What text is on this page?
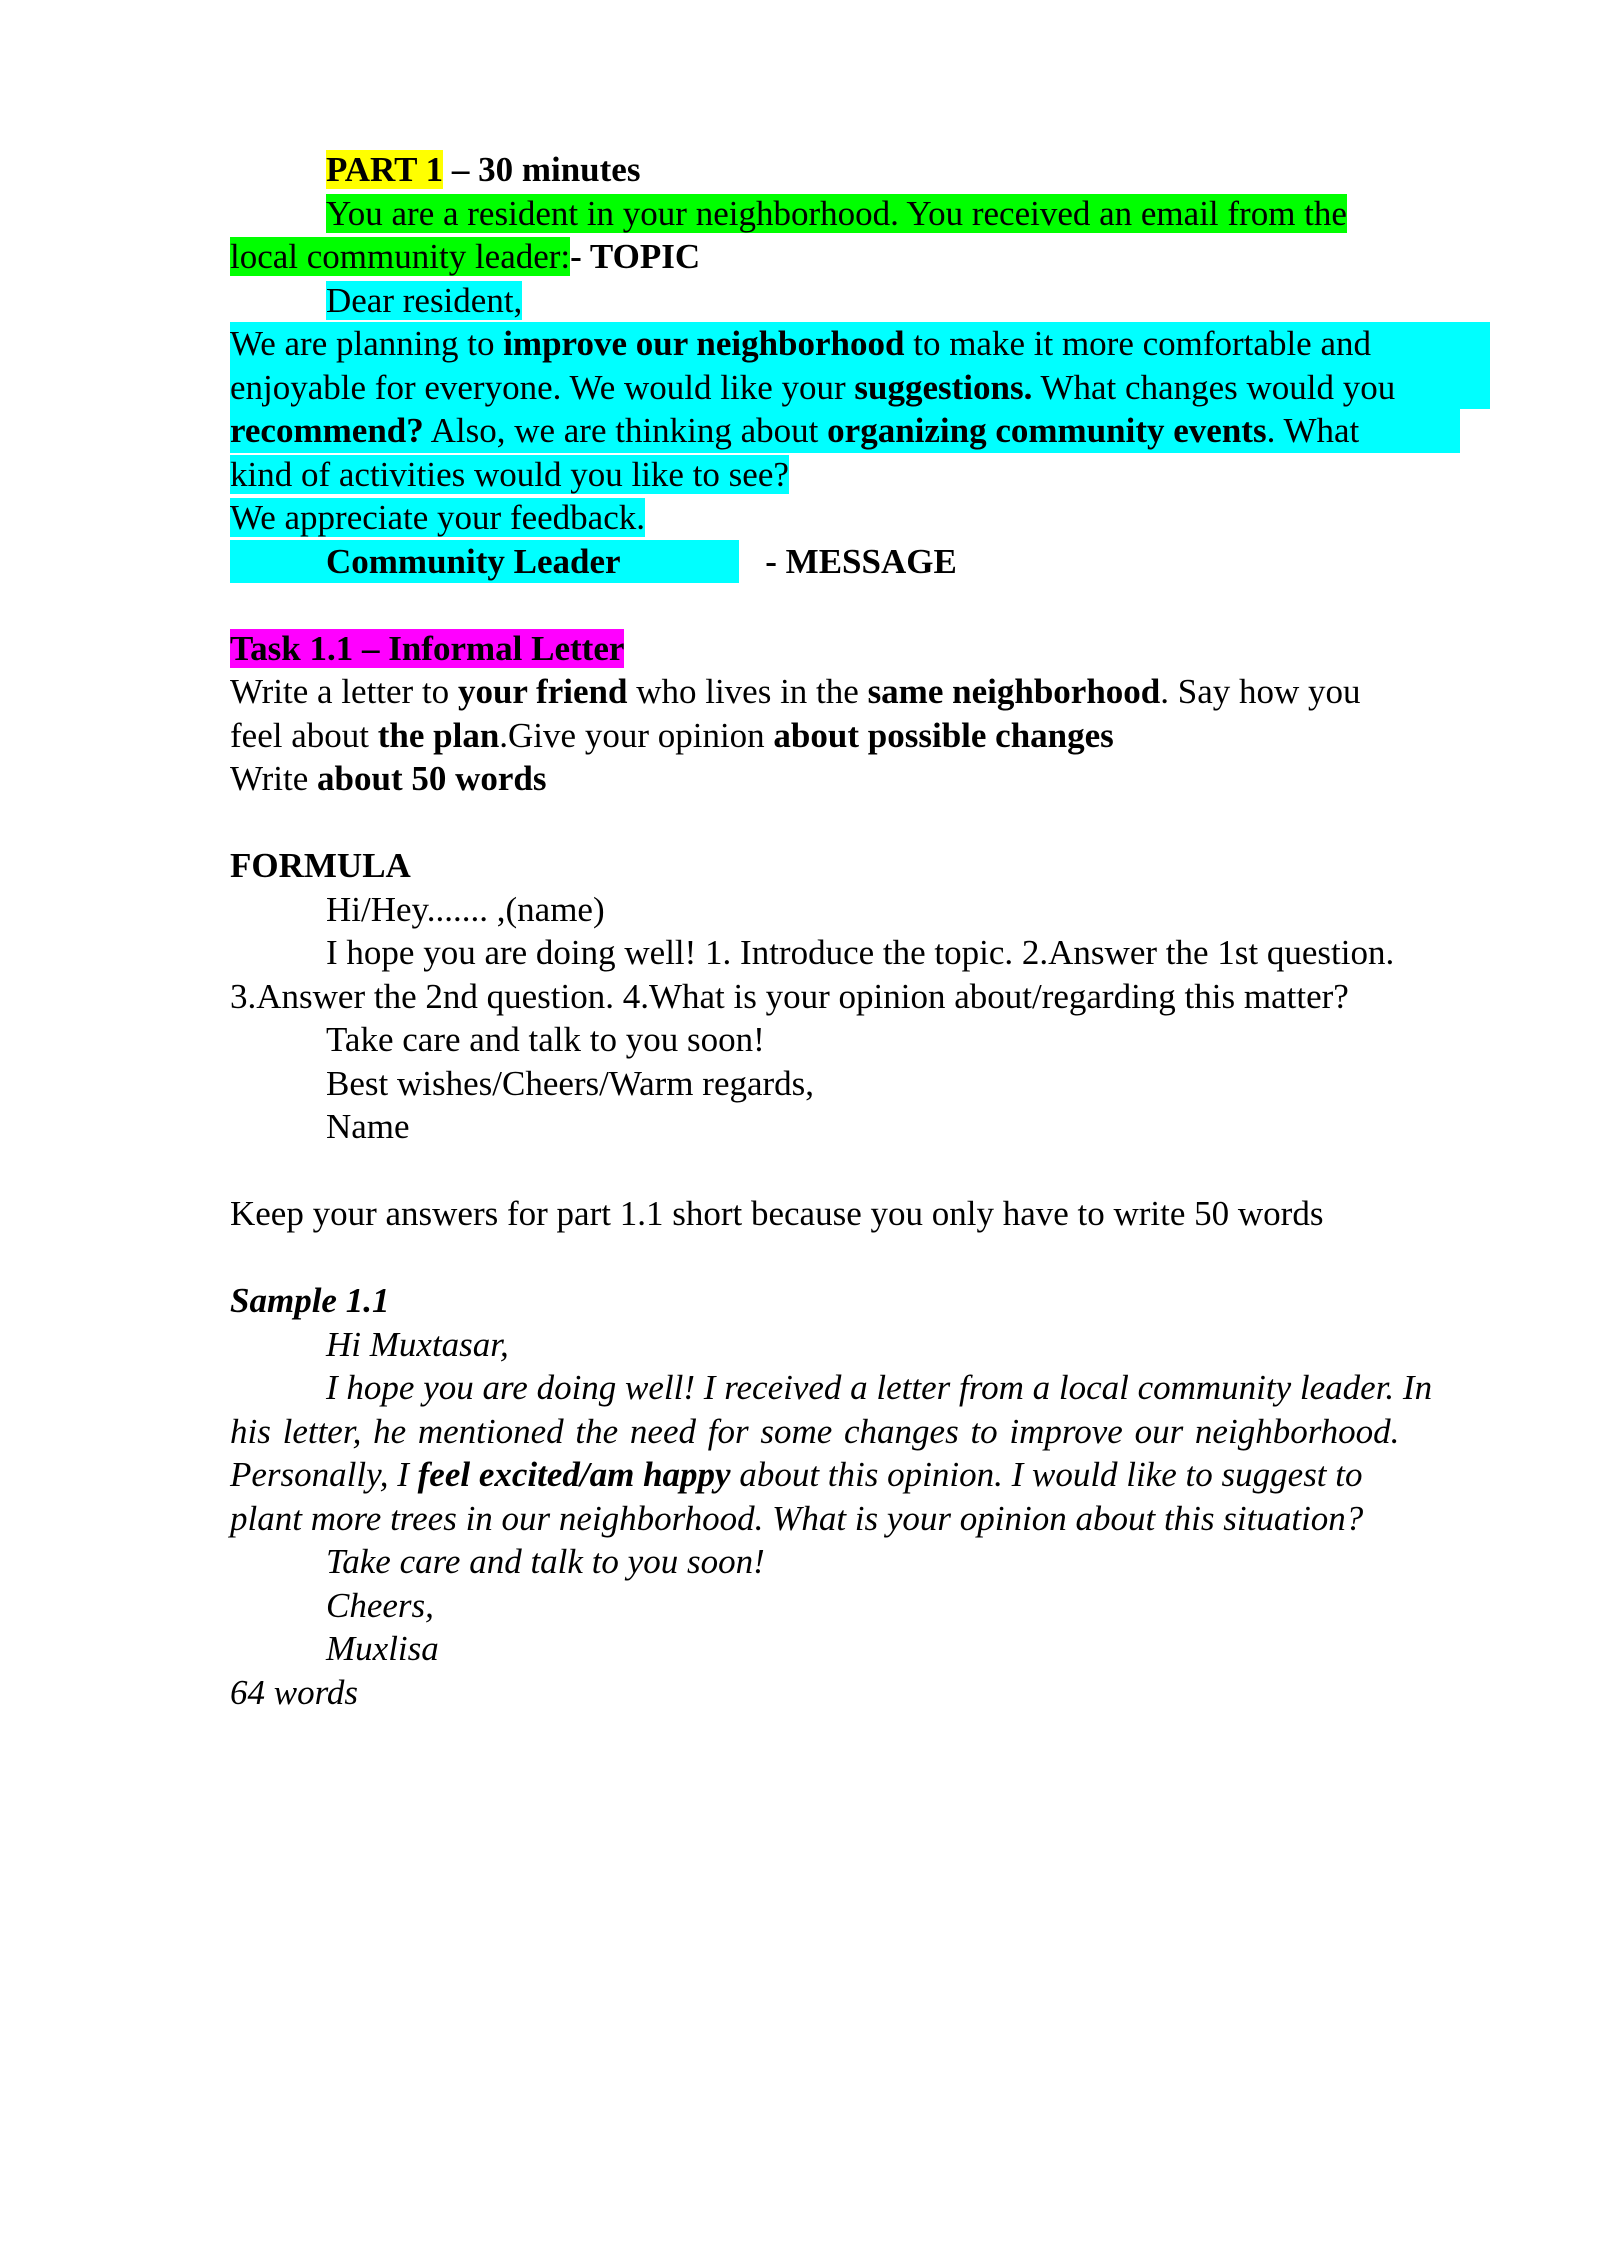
PART 1 – 30 minutes

You are a resident in your neighborhood. You received an email from the

local community leader:- TOPIC

Dear resident,

We are planning to improve our neighborhood to make it more comfortable and

enjoyable for everyone. We would like your suggestions. What changes would you

recommend? Also, we are thinking about organizing community events. What

kind of activities would you like to see?

We appreciate your feedback.

Community Leader	- MESSAGE

Task 1.1 – Informal Letter

Write a letter to your friend who lives in the same neighborhood. Say how you

feel about the plan.Give your opinion about possible changes

Write about 50 words

FORMULA

Hi/Hey....... ,(name)

I hope you are doing well! 1. Introduce the topic. 2.Answer the 1st question.

3.Answer the 2nd question. 4.What is your opinion about/regarding this matter?

Take care and talk to you soon!

Best wishes/Cheers/Warm regards,

Name

Keep your answers for part 1.1 short because you only have to write 50 words

Sample 1.1

Hi Muxtasar,

I hope you are doing well! I received a letter from a local community leader. In

his letter, he mentioned the need for some changes to improve our neighborhood.

Personally, I feel excited/am happy about this opinion. I would like to suggest to

plant more trees in our neighborhood. What is your opinion about this situation?

Take care and talk to you soon!

Cheers,

Muxlisa

64 words
